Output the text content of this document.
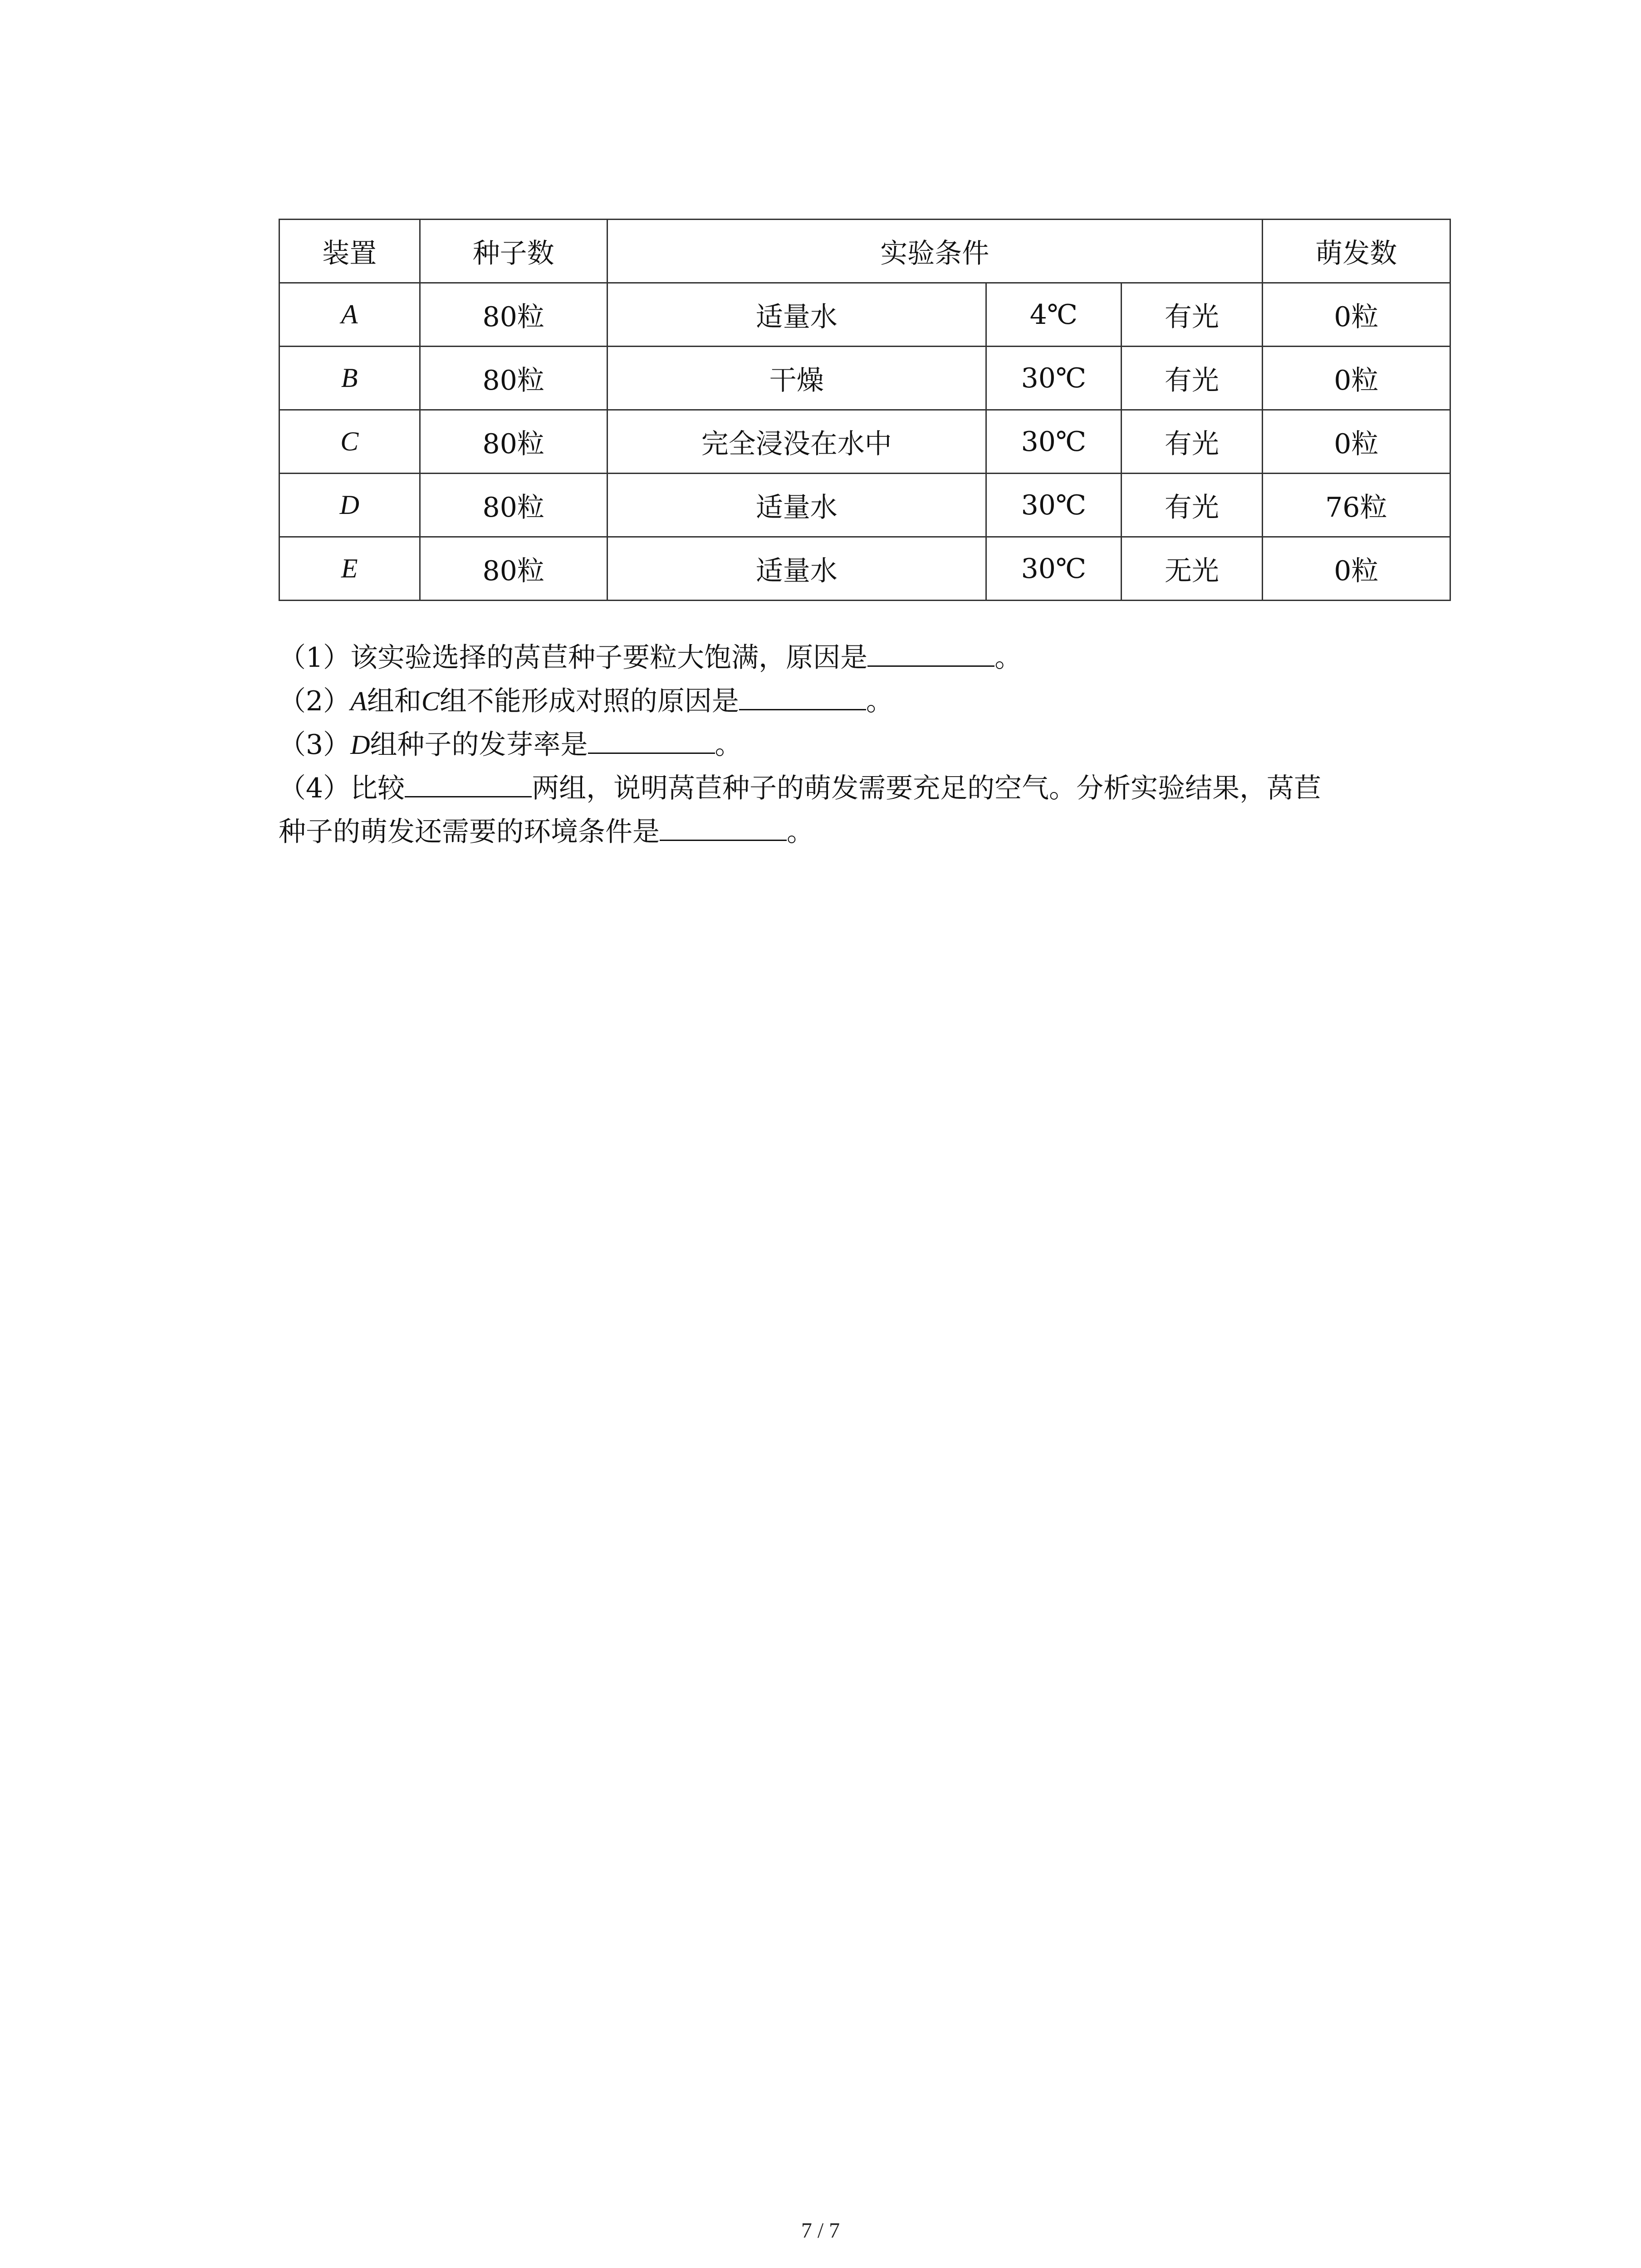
装置	种子数	实验条件			萌发数
A	80粒	适量水	4℃	有光	0粒
B	80粒	干燥	30℃	有光	0粒
C	80粒	完全浸没在水中	30℃	有光	0粒
D	80粒	适量水	30℃	有光	76粒
E	80粒	适量水	30℃	无光	0粒
（1）该实验选择的莴苣种子要粒大饱满，原因是	。
（2）A组和C组不能形成对照的原因是	。
（3）D组种子的发芽率是	。
（4）比较	两组，说明莴苣种子的萌发需要充足的空气。分析实验结果，莴苣
种子的萌发还需要的环境条件是	。
7 / 7
